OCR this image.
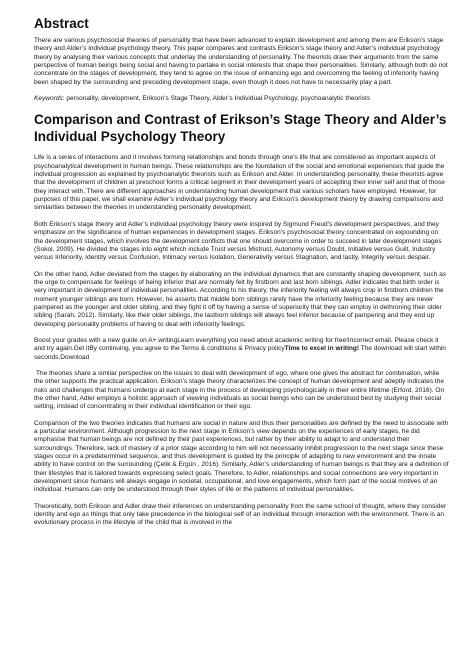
Abstract

There are various psychosocial theories of personality that have been advanced to explain development and among them are Erikson’s stage theory and Alder’s individual psychology theory. This paper compares and contrasts Erikson’s stage theory and Adler’s individual psychology theory by analysing their various concepts that underlay the understanding of personality. The theorists draw their arguments from the same perspective of human beings being social and having to partake in social interests that shape their personalities. Similarly, although both do not concentrate on the stages of development, they tend to agree on the issue of enhancing ego and overcoming the feeling of inferiority having been shaped by the surrounding and preceding development stage, even though it does not have to necessarily play a part.

Keywords: personality, development, Erikson’s Stage Theory, Alder’s Individual Psychology, psychoanalytic theorists

Comparison and Contrast of Erikson’s Stage Theory and Alder’s Individual Psychology Theory

Life is a series of interactions and it involves forming relationships and bonds through one’s life that are considered as important aspects of psychoanalytical development in human beings. These relationships are the foundation of the social and emotional experiences that guide the individual progression as explained by psychoanalytic theorists such as Erikson and Alder. In understanding personality, these theorists agree that the development of children at preschool forms a critical segment in their development years of accepting their inner self and that of those they interact with. There are different approaches in understanding human development that various scholars have employed. However, for purposes of this paper, we shall examine Adler’s individual psychology theory and Erikson’s development theory by drawing comparisons and similarities between the theories in understanding personality development.

Both Erikson’s stage theory and Adler’s individual psychology theory were inspired by Sigmund Freud’s development perspectives, and they emphasize on the significance of human experiences in development stages. Erikson’s psychosocial theory concentrated on expounding on the development stages, which involves the development conflicts that one should overcome in order to succeed in later development stages (Sokol, 2009). He divided the stages into eight which include Trust versus Mistrust, Autonomy versus Doubt, Initiative versus Guilt, Industry versus Inferiority, Identity versus Confusion, Intimacy versus Isolation, Generativity versus Stagnation, and lastly, Integrity versus despair.

On the other hand, Adler deviated from the stages by elaborating on the individual dynamics that are constantly shaping development, such as the urge to compensate for feelings of being inferior that are normally felt by firstborn and last born siblings. Adler indicates that birth order is very important in development of individual personalities. According to his theory, the inferiority feeling will always crop in firstborn children the moment younger siblings are born. However, he asserts that middle born siblings rarely have the inferiority feeling because they are never pampered as the younger and older sibling, and they fight it off by having a sense of superiority that they can employ in dethroning their older sibling (Sarah, 2012). Similarly, like their older siblings, the lastborn siblings will always feel inferior because of pampering and they end up developing personality problems of having to deal with inferiority feelings.

Boost your grades with a new guide on A+ writingLearn everything you need about academic writing for free!Incorrect email. Please check it and try again.Get itBy continuing, you agree to the Terms & conditions & Privacy policyTime to excel in writing! The download will start within seconds.Download

The theories share a similar perspective on the issues to deal with development of ego, where one gives the abstract for combination, while the other supports the practical application. Erikson’s stage theory characterizes the concept of human development and adeptly indicates the risks and challenges that humans undergo at each stage in the process of developing psychologically in their entire lifetime (Erford, 2016). On the other hand, Adler employs a holistic approach of viewing individuals as social beings who can be understood best by studying their social setting, instead of concentrating in their individual identification or their ego.

Comparison of the two theories indicates that humans are social in nature and thus their personalities are defined by the need to associate with a particular environment. Although progression to the next stage in Erikson’s view depends on the experiences of early stages, he did emphasise that human beings are not defined by their past experiences, but rather by their ability to adapt to and understand their surroundings. Therefore, lack of mastery of a prior stage according to him will not necessarily inhibit progression to the next stage since these stages occur in a predetermined sequence, and thus development is guided by the principle of adapting to new environment and the innate ability to have control on the surrounding (Çelik & Ergün , 2016). Similarly, Adler’s understanding of human beings is that they are a definition of their lifestyles that is tailored towards expressing select goals. Therefore, to Adler, relationships and social connections are very important in development since humans will always engage in societal, occupational, and love engagements, which form part of the social motives of an individual. Humans can only be understood through their styles of life or the patterns of individual personalities.

Theoretically, both Erikson and Adler draw their inferences on understanding personality from the same school of thought, where they consider identity and ego as things that only take precedence in the biological self of an individual through interaction with the environment. There is an evolutionary process in the lifestyle of the child that is involved in the
